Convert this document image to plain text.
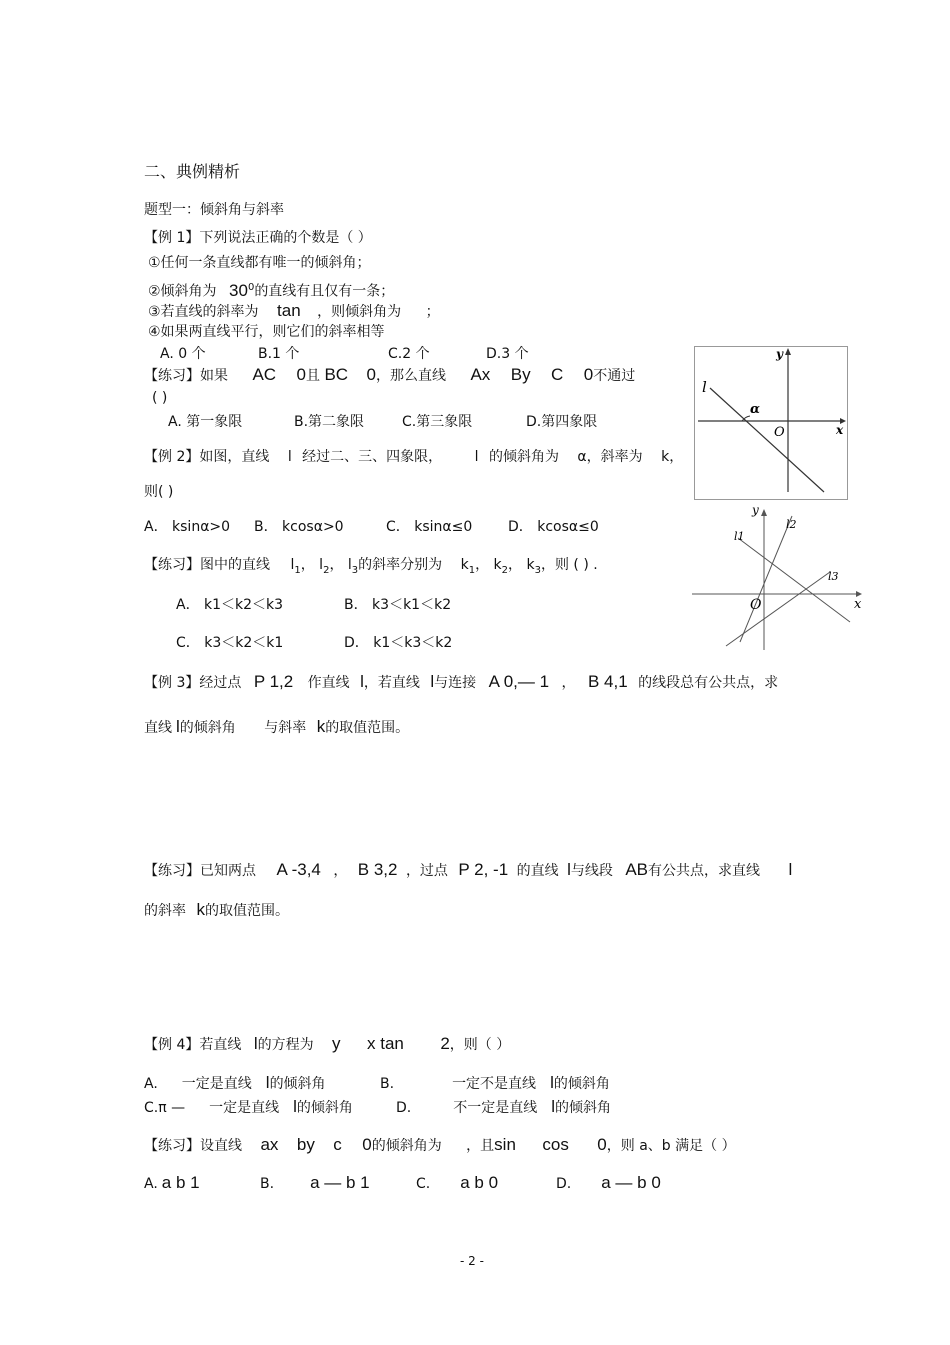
二、典例精析
题型一：倾斜角与斜率
【例 1】下列说法正确的个数是（ ）
①任何一条直线都有唯一的倾斜角；
②倾斜角为 $30^0$的直线有且仅有一条；
③若直线的斜率为 tan ，则倾斜角为 ；
④如果两直线平行，则它们的斜率相等
A. 0 个	B.1 个	C.2 个	D.3 个
【练习】如果 AC 0且 BC 0，那么直线 Ax By C 0不通过
( )
A. 第一象限	B.第二象限	C.第三象限	D.第四象限
l
α
y
x
O
【例 2】如图，直线 l 经过二、三、四象限， l 的倾斜角为 α，斜率为 k，
则( )
A． ksinα>0 B． kcosα>0	C． ksinα≤0	D． kcosα≤0
y
x
O
l1
l2
l3
【练习】图中的直线 $l_1$， $l_2$， $l_3$的斜率分别为 $k_1$， $k_2$， $k_3$，则 ( ) .
A． k1＜k2＜k3	B． k3＜k1＜k2
C． k3＜k2＜k1	D． k1＜k3＜k2
【例 3】经过点 P 1,2 作直线 l，若直线 l与连接 A 0,— 1 ， B 4,1 的线段总有公共点，求
直线 l的倾斜角 与斜率 k的取值范围。
【练习】已知两点 A -3,4 ， B 3,2 ，过点 P 2, -1 的直线 l与线段 AB有公共点，求直线 l
的斜率 k的取值范围。
【例 4】若直线 l的方程为 y x tan 2，则（ ）
A. 一定是直线 l的倾斜角	B.	一定不是直线 l的倾斜角
C.π — 一定是直线 l的倾斜角	D.	不一定是直线 l的倾斜角
【练习】设直线 ax by c 0的倾斜角为 ，且sin cos 0，则 a、b 满足（ ）
A. a b 1	B. a — b 1	C. a b 0	D. a — b 0
- 2 -
